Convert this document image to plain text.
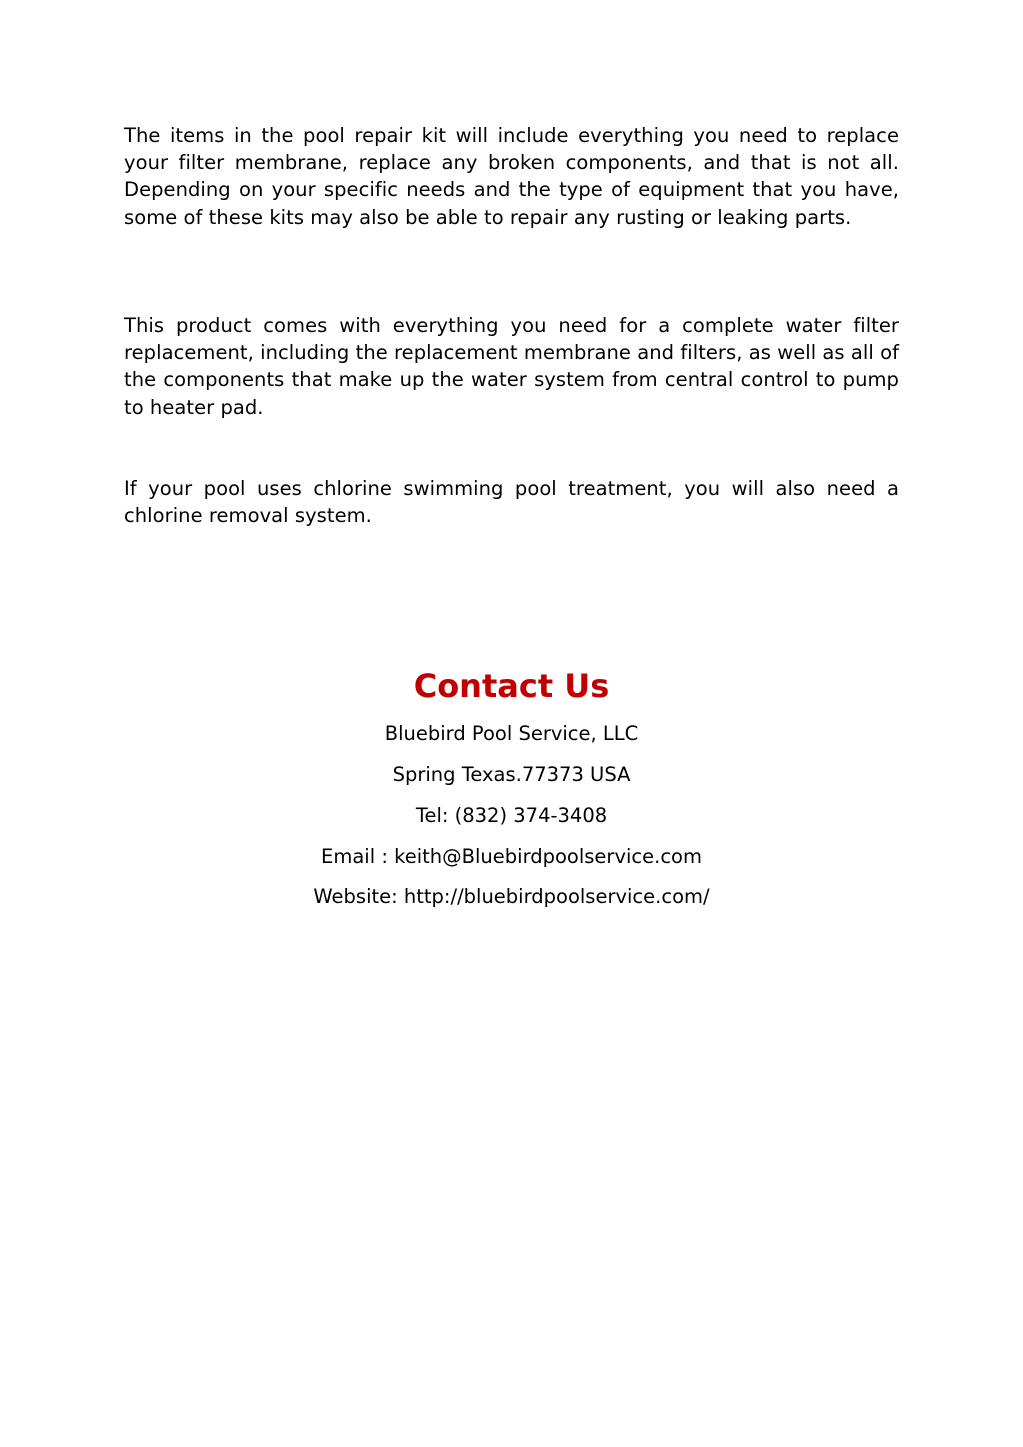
The items in the pool repair kit will include everything you need to replace your filter membrane, replace any broken components, and that is not all. Depending on your specific needs and the type of equipment that you have, some of these kits may also be able to repair any rusting or leaking parts.

This product comes with everything you need for a complete water filter replacement, including the replacement membrane and filters, as well as all of the components that make up the water system from central control to pump to heater pad.

If your pool uses chlorine swimming pool treatment, you will also need a chlorine removal system.

Contact Us

Bluebird Pool Service, LLC

Spring Texas.77373 USA

Tel: (832) 374-3408

Email : keith@Bluebirdpoolservice.com

Website: http://bluebirdpoolservice.com/
